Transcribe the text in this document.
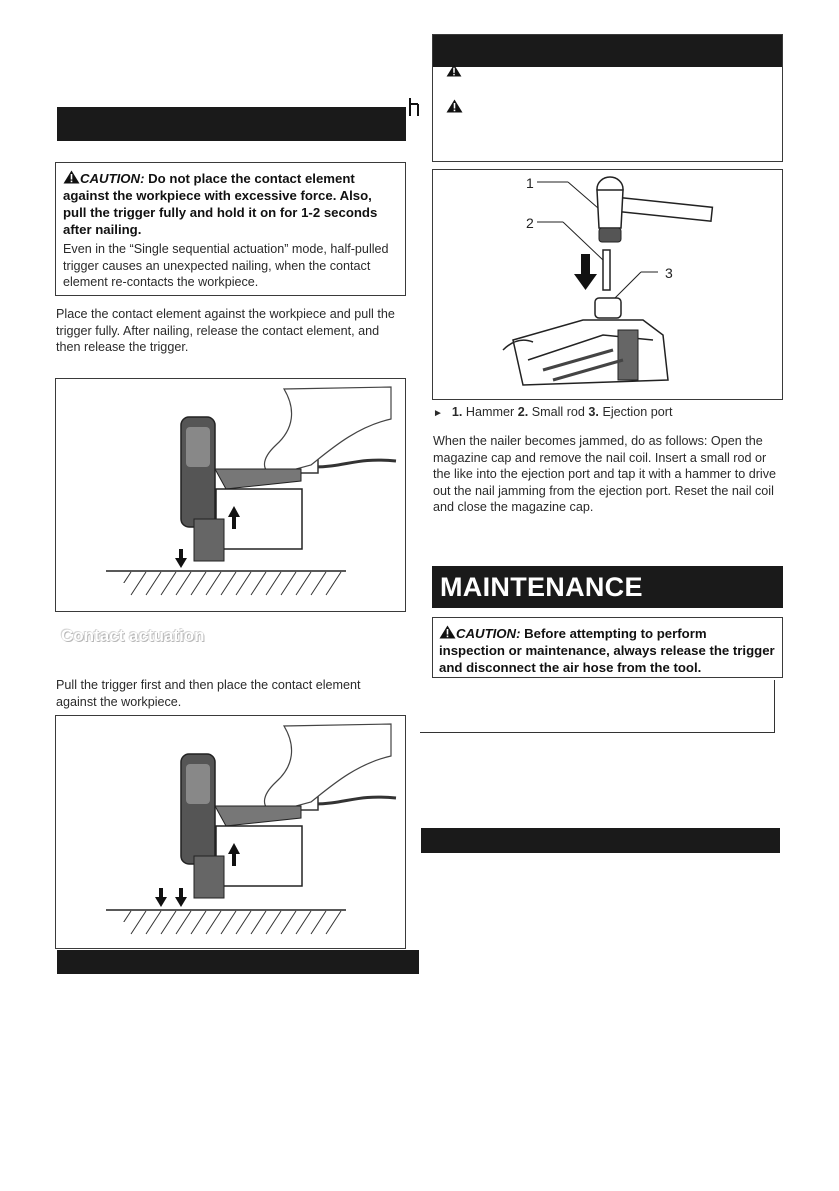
CAUTION: Do not place the contact element against the workpiece with excessive force. Also, pull the trigger fully and hold it on for 1-2 seconds after nailing.
Even in the “Single sequential actuation” mode, half-pulled trigger causes an unexpected nailing, when the contact element re-contacts the workpiece.
Place the contact element against the workpiece and pull the trigger fully. After nailing, release the contact element, and then release the trigger.
Contact actuation
Pull the trigger first and then place the contact element against the workpiece.
1
2
3
► 1. Hammer 2. Small rod 3. Ejection port
When the nailer becomes jammed, do as follows: Open the magazine cap and remove the nail coil. Insert a small rod or the like into the ejection port and tap it with a hammer to drive out the nail jamming from the ejection port. Reset the nail coil and close the magazine cap.
MAINTENANCE
CAUTION: Before attempting to perform inspection or maintenance, always release the trigger and disconnect the air hose from the tool.
